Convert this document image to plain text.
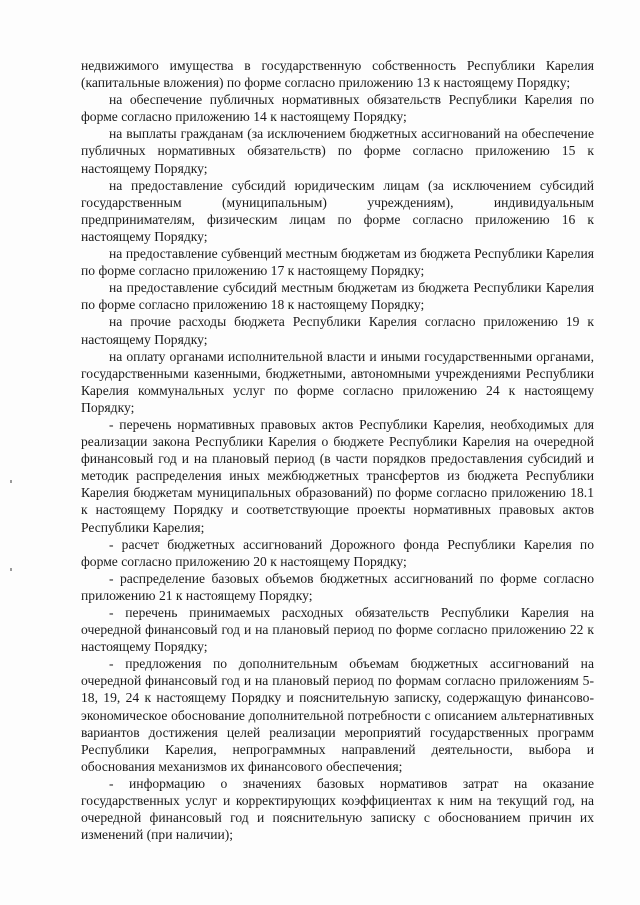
недвижимого имущества в государственную собственность Республики Карелия (капитальные вложения) по форме согласно приложению 13 к настоящему Порядку;

на обеспечение публичных нормативных обязательств Республики Карелия по форме согласно приложению 14 к настоящему Порядку;

на выплаты гражданам (за исключением бюджетных ассигнований на обеспечение публичных нормативных обязательств) по форме согласно приложению 15 к настоящему Порядку;

на предоставление субсидий юридическим лицам (за исключением субсидий государственным (муниципальным) учреждениям), индивидуальным предпринимателям, физическим лицам по форме согласно приложению 16 к настоящему Порядку;

на предоставление субвенций местным бюджетам из бюджета Республики Карелия по форме согласно приложению 17 к настоящему Порядку;

на предоставление субсидий местным бюджетам из бюджета Республики Карелия по форме согласно приложению 18 к настоящему Порядку;

на прочие расходы бюджета Республики Карелия согласно приложению 19 к настоящему Порядку;

на оплату органами исполнительной власти и иными государственными органами, государственными казенными, бюджетными, автономными учреждениями Республики Карелия коммунальных услуг по форме согласно приложению 24 к настоящему Порядку;

- перечень нормативных правовых актов Республики Карелия, необходимых для реализации закона Республики Карелия о бюджете Республики Карелия на очередной финансовый год и на плановый период (в части порядков предоставления субсидий и методик распределения иных межбюджетных трансфертов из бюджета Республики Карелия бюджетам муниципальных образований) по форме согласно приложению 18.1 к настоящему Порядку и соответствующие проекты нормативных правовых актов Республики Карелия;

- расчет бюджетных ассигнований Дорожного фонда Республики Карелия по форме согласно приложению 20 к настоящему Порядку;

- распределение базовых объемов бюджетных ассигнований по форме согласно приложению 21 к настоящему Порядку;

- перечень принимаемых расходных обязательств Республики Карелия на очередной финансовый год и на плановый период по форме согласно приложению 22 к настоящему Порядку;

- предложения по дополнительным объемам бюджетных ассигнований на очередной финансовый год и на плановый период по формам согласно приложениям 5-18, 19, 24 к настоящему Порядку и пояснительную записку, содержащую финансово-экономическое обоснование дополнительной потребности с описанием альтернативных вариантов достижения целей реализации мероприятий государственных программ Республики Карелия, непрограммных направлений деятельности, выбора и обоснования механизмов их финансового обеспечения;

- информацию о значениях базовых нормативов затрат на оказание государственных услуг и корректирующих коэффициентах к ним на текущий год, на очередной финансовый год и пояснительную записку с обоснованием причин их изменений (при наличии);
